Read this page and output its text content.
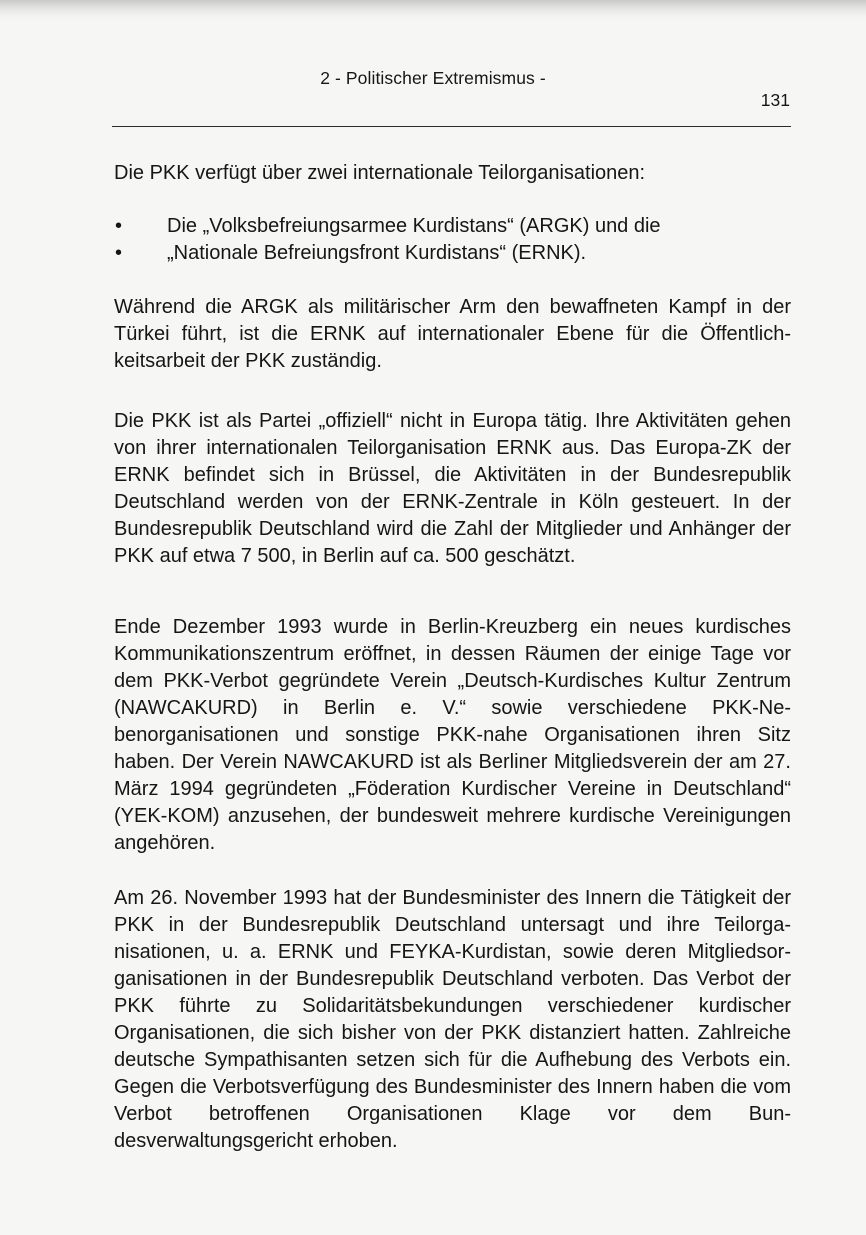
2 - Politischer Extremismus -
131

Die PKK verfügt über zwei internationale Teilorganisationen:

• Die „Volksbefreiungsarmee Kurdistans“ (ARGK) und die
• „Nationale Befreiungsfront Kurdistans“ (ERNK).

Während die ARGK als militärischer Arm den bewaffneten Kampf in der Türkei führt, ist die ERNK auf internationaler Ebene für die Öffentlichkeitsarbeit der PKK zuständig.

Die PKK ist als Partei „offiziell“ nicht in Europa tätig. Ihre Aktivitäten gehen von ihrer internationalen Teilorganisation ERNK aus. Das Europa-ZK der ERNK befindet sich in Brüssel, die Aktivitäten in der Bundesrepublik Deutschland werden von der ERNK-Zentrale in Köln gesteuert. In der Bundesrepublik Deutschland wird die Zahl der Mitglieder und Anhänger der PKK auf etwa 7 500, in Berlin auf ca. 500 geschätzt.

Ende Dezember 1993 wurde in Berlin-Kreuzberg ein neues kurdisches Kommunikationszentrum eröffnet, in dessen Räumen der einige Tage vor dem PKK-Verbot gegründete Verein „Deutsch-Kurdisches Kultur Zentrum (NAWCAKURD) in Berlin e. V.“ sowie verschiedene PKK-Nebenorganisationen und sonstige PKK-nahe Organisationen ihren Sitz haben. Der Verein NAWCAKURD ist als Berliner Mitgliedsverein der am 27. März 1994 gegründeten „Föderation Kurdischer Vereine in Deutschland“ (YEK-KOM) anzusehen, der bundesweit mehrere kurdische Vereinigungen angehören.

Am 26. November 1993 hat der Bundesminister des Innern die Tätigkeit der PKK in der Bundesrepublik Deutschland untersagt und ihre Teilorganisationen, u. a. ERNK und FEYKA-Kurdistan, sowie deren Mitgliedsorganisationen in der Bundesrepublik Deutschland verboten. Das Verbot der PKK führte zu Solidaritätsbekundungen verschiedener kurdischer Organisationen, die sich bisher von der PKK distanziert hatten. Zahlreiche deutsche Sympathisanten setzen sich für die Aufhebung des Verbots ein. Gegen die Verbotsverfügung des Bundesminister des Innern haben die vom Verbot betroffenen Organisationen Klage vor dem Bundesverwaltungsgericht erhoben.
